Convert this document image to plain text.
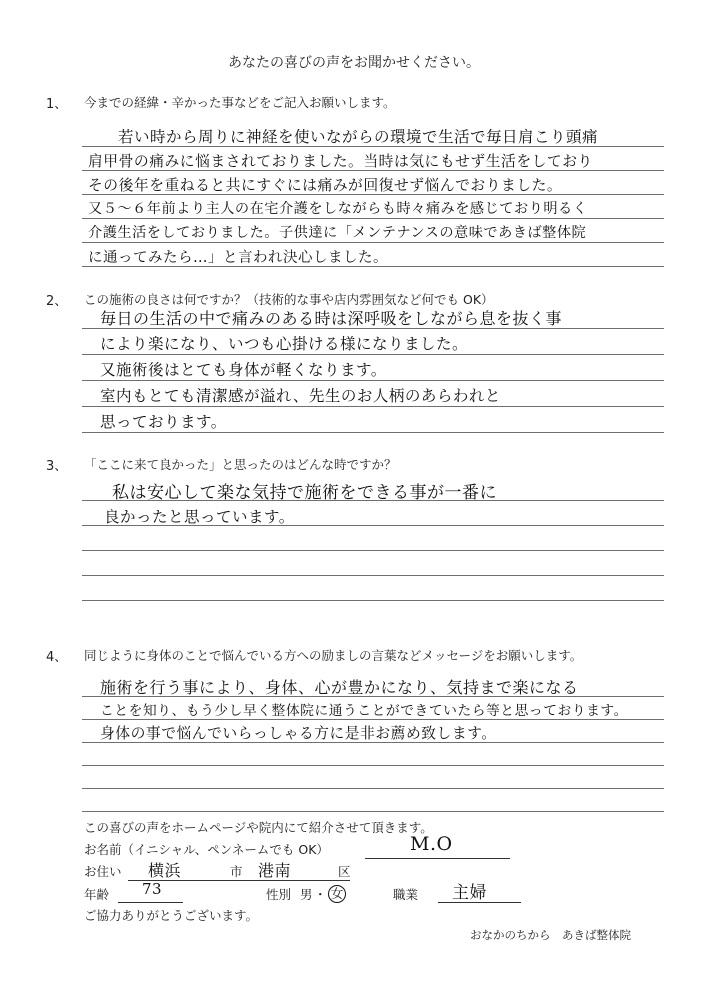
あなたの喜びの声をお聞かせください。
1、 今までの経緯・辛かった事などをご記入お願いします。
若い時から周りに神経を使いながらの環境で生活で毎日肩こり頭痛
肩甲骨の痛みに悩まされておりました。当時は気にもせず生活をしており
その後年を重ねると共にすぐには痛みが回復せず悩んでおりました。
又５〜６年前より主人の在宅介護をしながらも時々痛みを感じており明るく
介護生活をしておりました。子供達に「メンテナンスの意味であきば整体院
に通ってみたら…」と言われ決心しました。
2、 この施術の良さは何ですか？（技術的な事や店内雰囲気など何でも OK）
毎日の生活の中で痛みのある時は深呼吸をしながら息を抜く事
により楽になり、いつも心掛ける様になりました。
又施術後はとても身体が軽くなります。
室内もとても清潔感が溢れ、先生のお人柄のあらわれと
思っております。
3、 「ここに来て良かった」と思ったのはどんな時ですか？
私は安心して楽な気持で施術をできる事が一番に
良かったと思っています。
4、 同じように身体のことで悩んでいる方への励ましの言葉などメッセージをお願いします。
施術を行う事により、身体、心が豊かになり、気持まで楽になる
ことを知り、もう少し早く整体院に通うことができていたら等と思っております。
身体の事で悩んでいらっしゃる方に是非お薦め致します。
この喜びの声をホームページや院内にて紹介させて頂きます。
お名前（イニシャル、ペンネームでも OK）	M.O
お住い 横浜	市 港南	区
年齢 73	性別 男 ・ 女	職業 主婦
ご協力ありがとうございます。
おなかのちから　あきば整体院
